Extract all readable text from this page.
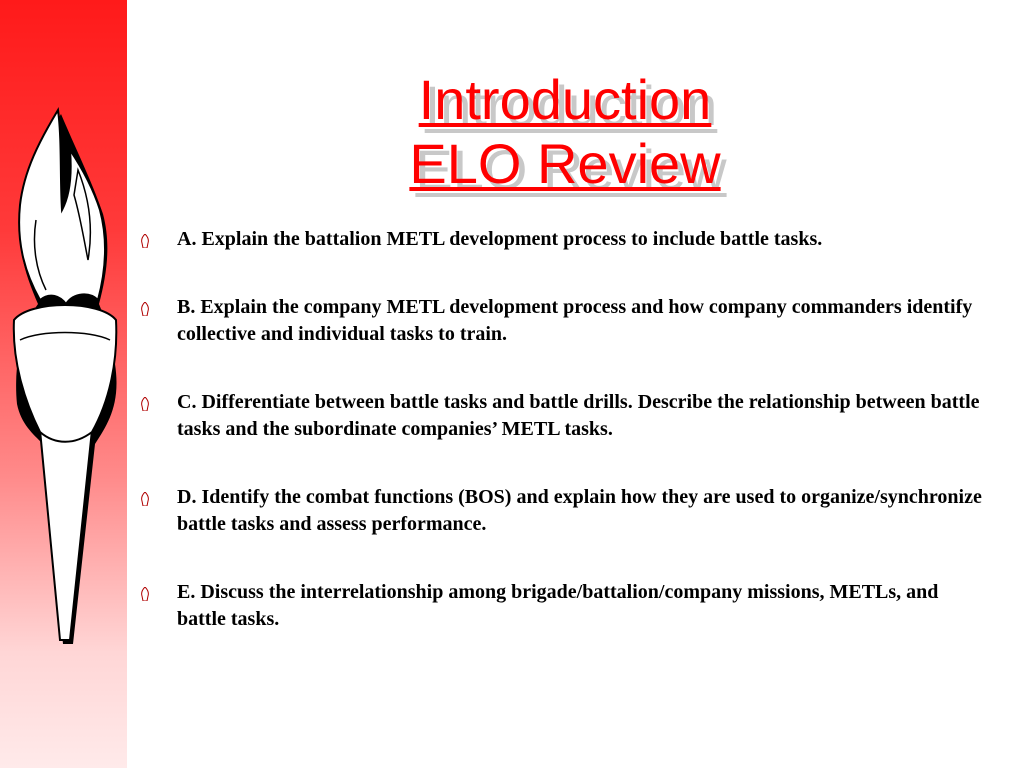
Introduction
ELO Review
A. Explain the battalion METL development process to include battle tasks.
B. Explain the company METL development process and how company commanders identify collective and individual tasks to train.
C. Differentiate between battle tasks and battle drills. Describe the relationship between battle tasks and the subordinate companies’ METL tasks.
D. Identify the combat functions (BOS) and explain how they are used to organize/synchronize battle tasks and assess performance.
E. Discuss the interrelationship among brigade/battalion/company missions, METLs, and battle tasks.
